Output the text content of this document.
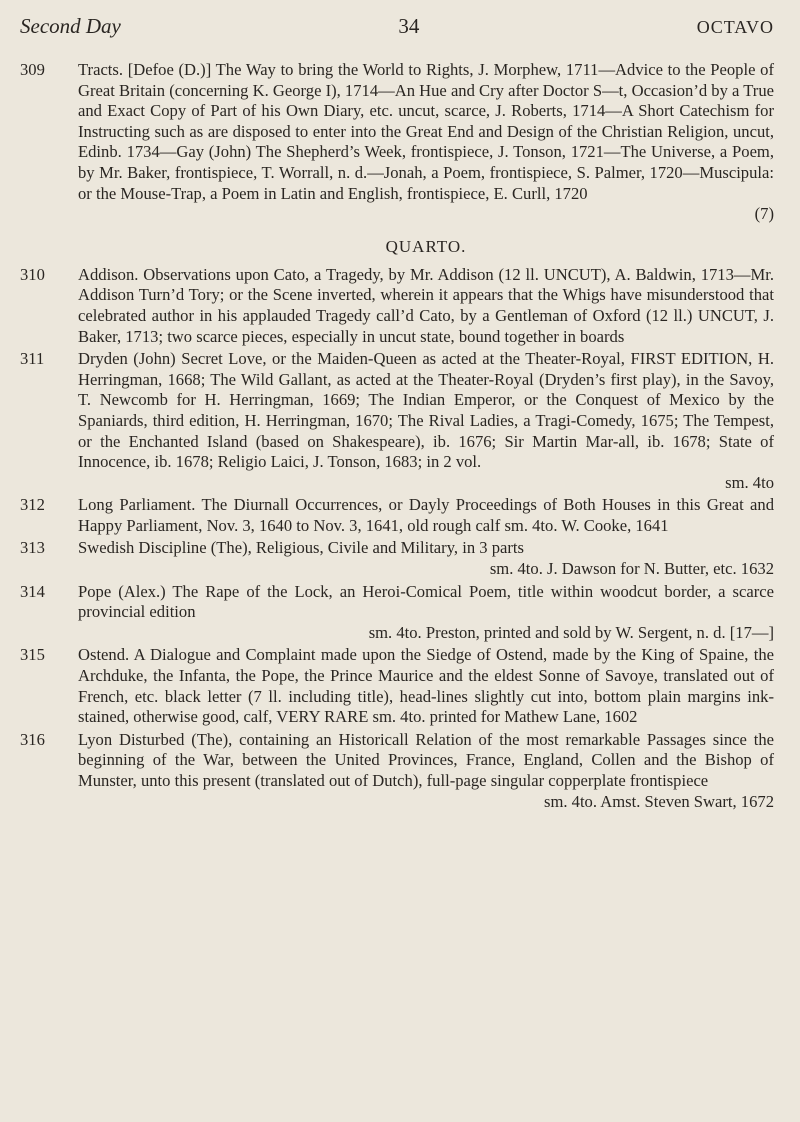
Second Day	34	OCTAVO
309	Tracts. [Defoe (D.)] The Way to bring the World to Rights, J. Morphew, 1711—Advice to the People of Great Britain (concerning K. George I), 1714—An Hue and Cry after Doctor S—t, Occasion’d by a True and Exact Copy of Part of his Own Diary, etc. uncut, scarce, J. Roberts, 1714—A Short Catechism for Instructing such as are disposed to enter into the Great End and Design of the Christian Religion, uncut, Edinb. 1734—Gay (John) The Shepherd’s Week, frontispiece, J. Tonson, 1721—The Universe, a Poem, by Mr. Baker, frontispiece, T. Worrall, n. d.—Jonah, a Poem, frontispiece, S. Palmer, 1720—Muscipula: or the Mouse-Trap, a Poem in Latin and English, frontispiece, E. Curll, 1720
(7)
QUARTO.
310	Addison. Observations upon Cato, a Tragedy, by Mr. Addison (12 ll. UNCUT), A. Baldwin, 1713—Mr. Addison Turn’d Tory; or the Scene inverted, wherein it appears that the Whigs have misunderstood that celebrated author in his applauded Tragedy call’d Cato, by a Gentleman of Oxford (12 ll.) UNCUT, J. Baker, 1713; two scarce pieces, especially in uncut state, bound together in boards
311	Dryden (John) Secret Love, or the Maiden-Queen as acted at the Theater-Royal, FIRST EDITION, H. Herringman, 1668; The Wild Gallant, as acted at the Theater-Royal (Dryden’s first play), in the Savoy, T. Newcomb for H. Herringman, 1669; The Indian Emperor, or the Conquest of Mexico by the Spaniards, third edition, H. Herringman, 1670; The Rival Ladies, a Tragi-Comedy, 1675; The Tempest, or the Enchanted Island (based on Shakespeare), ib. 1676; Sir Martin Mar-all, ib. 1678; State of Innocence, ib. 1678; Religio Laici, J. Tonson, 1683; in 2 vol.
sm. 4to
312	Long Parliament. The Diurnall Occurrences, or Dayly Proceedings of Both Houses in this Great and Happy Parliament, Nov. 3, 1640 to Nov. 3, 1641, old rough calf sm. 4to. W. Cooke, 1641
313	Swedish Discipline (The), Religious, Civile and Military, in 3 parts
sm. 4to. J. Dawson for N. Butter, etc. 1632
314	Pope (Alex.) The Rape of the Lock, an Heroi-Comical Poem, title within woodcut border, a scarce provincial edition
sm. 4to. Preston, printed and sold by W. Sergent, n. d. [17—]
315	Ostend. A Dialogue and Complaint made upon the Siedge of Ostend, made by the King of Spaine, the Archduke, the Infanta, the Pope, the Prince Maurice and the eldest Sonne of Savoye, translated out of French, etc. black letter (7 ll. including title), head-lines slightly cut into, bottom plain margins ink-stained, otherwise good, calf, VERY RARE sm. 4to. printed for Mathew Lane, 1602
316	Lyon Disturbed (The), containing an Historicall Relation of the most remarkable Passages since the beginning of the War, between the United Provinces, France, England, Collen and the Bishop of Munster, unto this present (translated out of Dutch), full-page singular copperplate frontispiece
sm. 4to. Amst. Steven Swart, 1672
